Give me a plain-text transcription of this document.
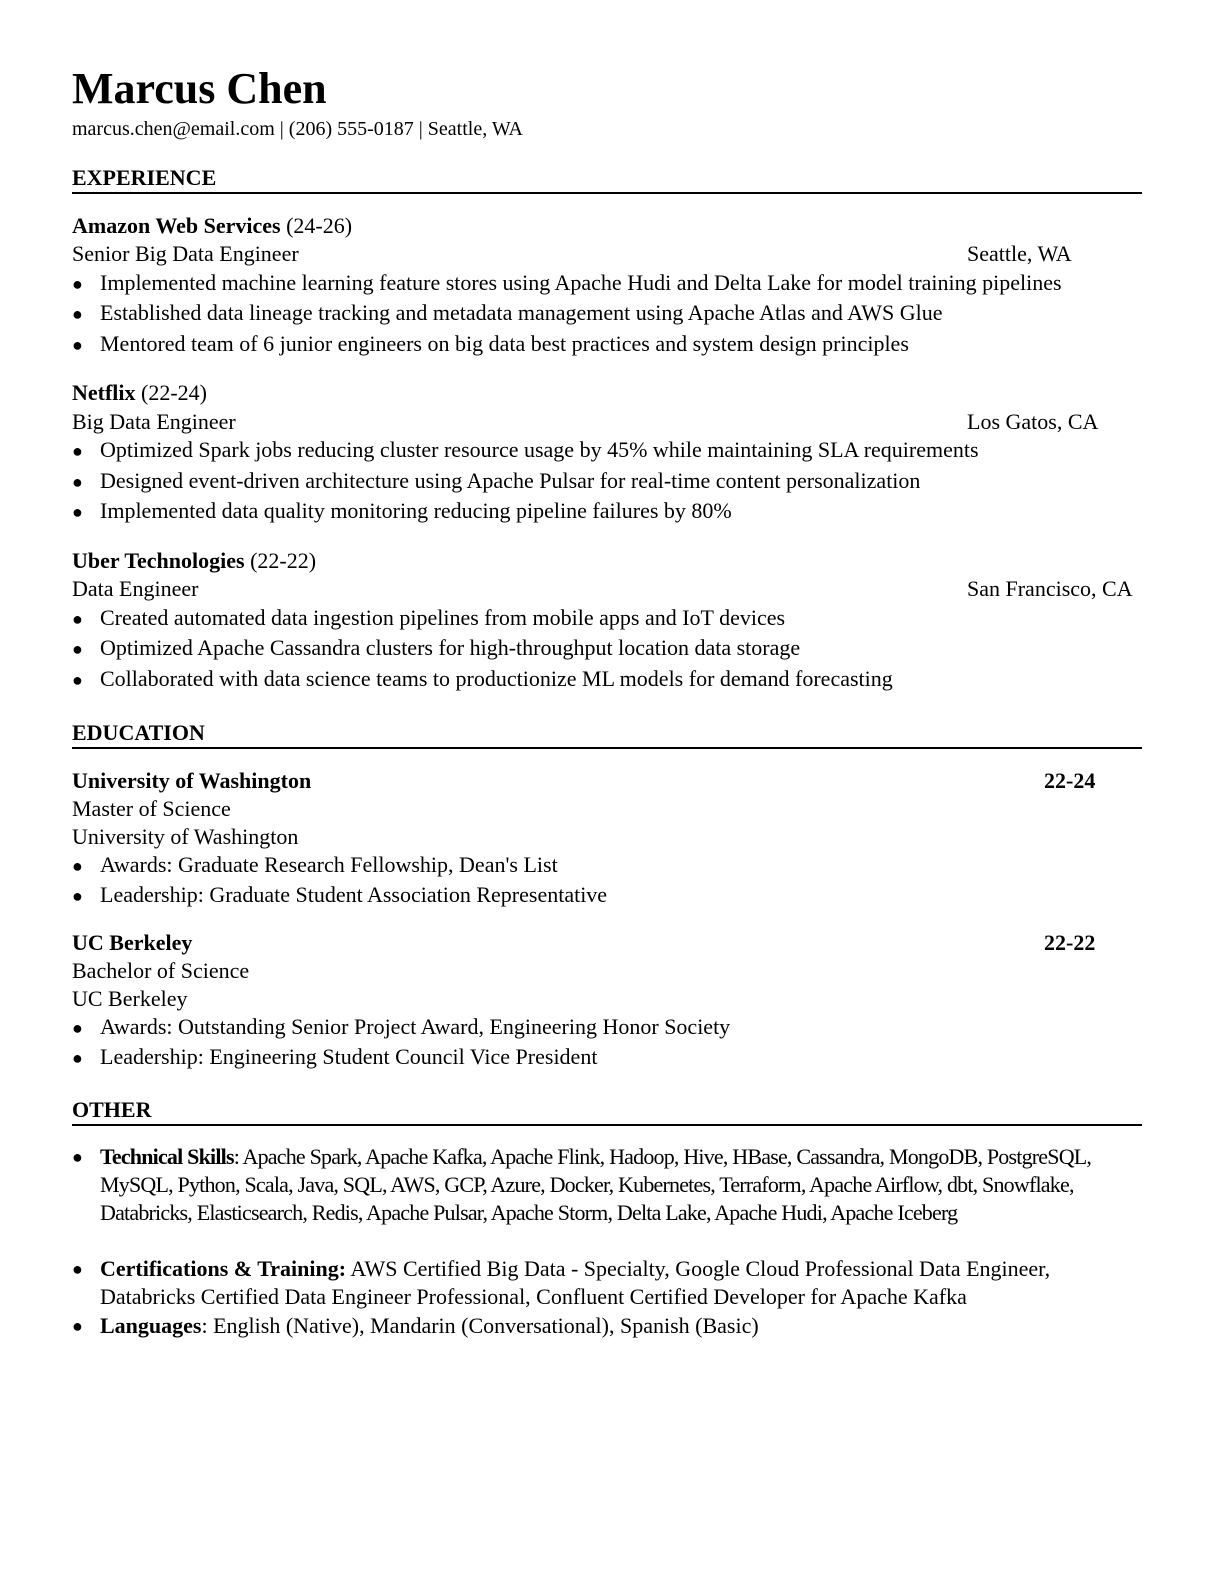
Marcus Chen
marcus.chen@email.com | (206) 555-0187 | Seattle, WA
EXPERIENCE
Amazon Web Services (24-26)
Senior Big Data Engineer	Seattle, WA
● Implemented machine learning feature stores using Apache Hudi and Delta Lake for model training pipelines
● Established data lineage tracking and metadata management using Apache Atlas and AWS Glue
● Mentored team of 6 junior engineers on big data best practices and system design principles
Netflix (22-24)
Big Data Engineer	Los Gatos, CA
● Optimized Spark jobs reducing cluster resource usage by 45% while maintaining SLA requirements
● Designed event-driven architecture using Apache Pulsar for real-time content personalization
● Implemented data quality monitoring reducing pipeline failures by 80%
Uber Technologies (22-22)
Data Engineer	San Francisco, CA
● Created automated data ingestion pipelines from mobile apps and IoT devices
● Optimized Apache Cassandra clusters for high-throughput location data storage
● Collaborated with data science teams to productionize ML models for demand forecasting
EDUCATION
University of Washington	22-24
Master of Science
University of Washington
● Awards: Graduate Research Fellowship, Dean's List
● Leadership: Graduate Student Association Representative
UC Berkeley	22-22
Bachelor of Science
UC Berkeley
● Awards: Outstanding Senior Project Award, Engineering Honor Society
● Leadership: Engineering Student Council Vice President
OTHER
● Technical Skills: Apache Spark, Apache Kafka, Apache Flink, Hadoop, Hive, HBase, Cassandra, MongoDB, PostgreSQL, MySQL, Python, Scala, Java, SQL, AWS, GCP, Azure, Docker, Kubernetes, Terraform, Apache Airflow, dbt, Snowflake, Databricks, Elasticsearch, Redis, Apache Pulsar, Apache Storm, Delta Lake, Apache Hudi, Apache Iceberg
● Certifications & Training: AWS Certified Big Data - Specialty, Google Cloud Professional Data Engineer, Databricks Certified Data Engineer Professional, Confluent Certified Developer for Apache Kafka
● Languages: English (Native), Mandarin (Conversational), Spanish (Basic)
